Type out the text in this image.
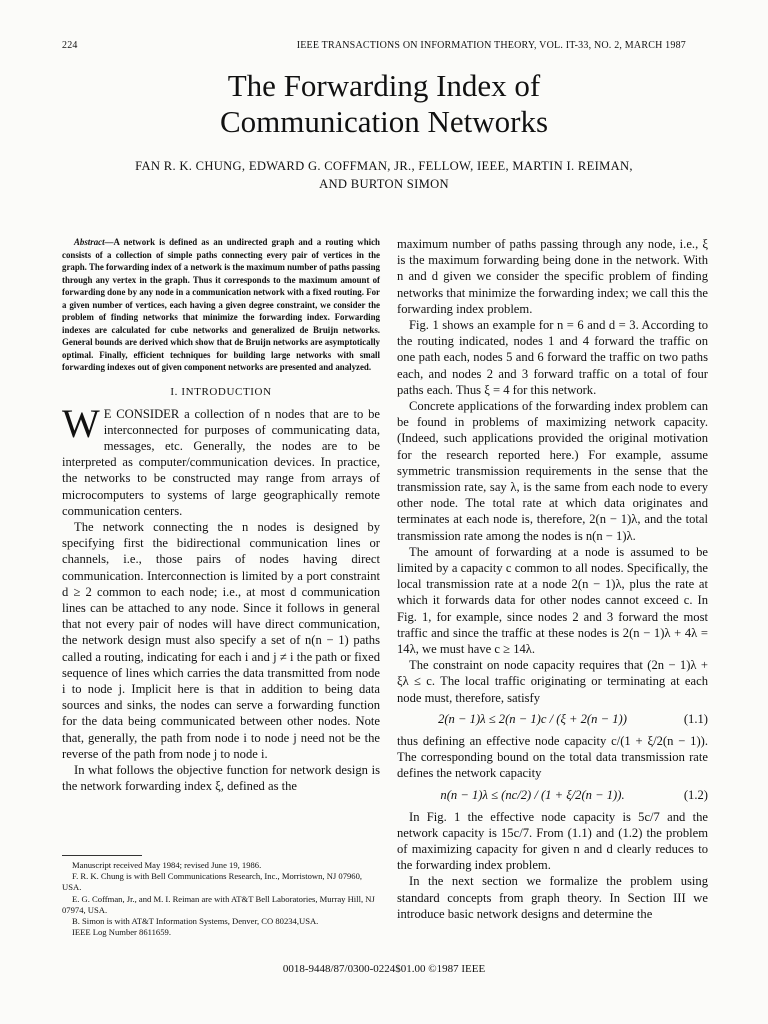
224	IEEE TRANSACTIONS ON INFORMATION THEORY, VOL. IT-33, NO. 2, MARCH 1987
The Forwarding Index of
Communication Networks
FAN R. K. CHUNG, EDWARD G. COFFMAN, JR., FELLOW, IEEE, MARTIN I. REIMAN,
AND BURTON SIMON

Abstract—A network is defined as an undirected graph and a routing which consists of a collection of simple paths connecting every pair of vertices in the graph. The forwarding index of a network is the maximum number of paths passing through any vertex in the graph. Thus it corresponds to the maximum amount of forwarding done by any node in a communication network with a fixed routing. For a given number of vertices, each having a given degree constraint, we consider the problem of finding networks that minimize the forwarding index. Forwarding indexes are calculated for cube networks and generalized de Bruijn networks. General bounds are derived which show that de Bruijn networks are asymptotically optimal. Finally, efficient techniques for building large networks with small forwarding indexes out of given component networks are presented and analyzed.

I. INTRODUCTION

W E CONSIDER a collection of n nodes that are to be interconnected for purposes of communicating data, messages, etc. Generally, the nodes are to be interpreted as computer/communication devices. In practice, the networks to be constructed may range from arrays of microcomputers to systems of large geographically remote communication centers.

The network connecting the n nodes is designed by specifying first the bidirectional communication lines or channels, i.e., those pairs of nodes having direct communication. Interconnection is limited by a port constraint d ≥ 2 common to each node; i.e., at most d communication lines can be attached to any node. Since it follows in general that not every pair of nodes will have direct communication, the network design must also specify a set of n(n − 1) paths called a routing, indicating for each i and j ≠ i the path or fixed sequence of lines which carries the data transmitted from node i to node j. Implicit here is that in addition to being data sources and sinks, the nodes can serve a forwarding function for the data being communicated between other nodes. Note that, generally, the path from node i to node j need not be the reverse of the path from node j to node i.

In what follows the objective function for network design is the network forwarding index ξ, defined as the

Manuscript received May 1984; revised June 19, 1986.
F. R. K. Chung is with Bell Communications Research, Inc., Morristown, NJ 07960, USA.
E. G. Coffman, Jr., and M. I. Reiman are with AT&T Bell Laboratories, Murray Hill, NJ 07974, USA.
B. Simon is with AT&T Information Systems, Denver, CO 80234,USA.
IEEE Log Number 8611659.

maximum number of paths passing through any node, i.e., ξ is the maximum forwarding being done in the network. With n and d given we consider the specific problem of finding networks that minimize the forwarding index; we call this the forwarding index problem.

Fig. 1 shows an example for n = 6 and d = 3. According to the routing indicated, nodes 1 and 4 forward the traffic on one path each, nodes 5 and 6 forward the traffic on two paths each, and nodes 2 and 3 forward traffic on a total of four paths each. Thus ξ = 4 for this network.

Concrete applications of the forwarding index problem can be found in problems of maximizing network capacity. (Indeed, such applications provided the original motivation for the research reported here.) For example, assume symmetric transmission requirements in the sense that the transmission rate, say λ, is the same from each node to every other node. The total rate at which data originates and terminates at each node is, therefore, 2(n − 1)λ, and the total transmission rate among the nodes is n(n − 1)λ.

The amount of forwarding at a node is assumed to be limited by a capacity c common to all nodes. Specifically, the local transmission rate at a node 2(n − 1)λ, plus the rate at which it forwards data for other nodes cannot exceed c. In Fig. 1, for example, since nodes 2 and 3 forward the most traffic and since the traffic at these nodes is 2(n − 1)λ + 4λ = 14λ, we must have c ≥ 14λ.

The constraint on node capacity requires that (2n − 1)λ + ξλ ≤ c. The local traffic originating or terminating at each node must, therefore, satisfy

2(n − 1)λ ≤ 2(n − 1)c / (ξ + 2(n − 1))	(1.1)

thus defining an effective node capacity c/(1 + ξ/2(n − 1)). The corresponding bound on the total data transmission rate defines the network capacity

n(n − 1)λ ≤ (nc/2) / (1 + ξ/2(n − 1)).	(1.2)

In Fig. 1 the effective node capacity is 5c/7 and the network capacity is 15c/7. From (1.1) and (1.2) the problem of maximizing capacity for given n and d clearly reduces to the forwarding index problem.

In the next section we formalize the problem using standard concepts from graph theory. In Section III we introduce basic network designs and determine the

0018-9448/87/0300-0224$01.00 ©1987 IEEE
